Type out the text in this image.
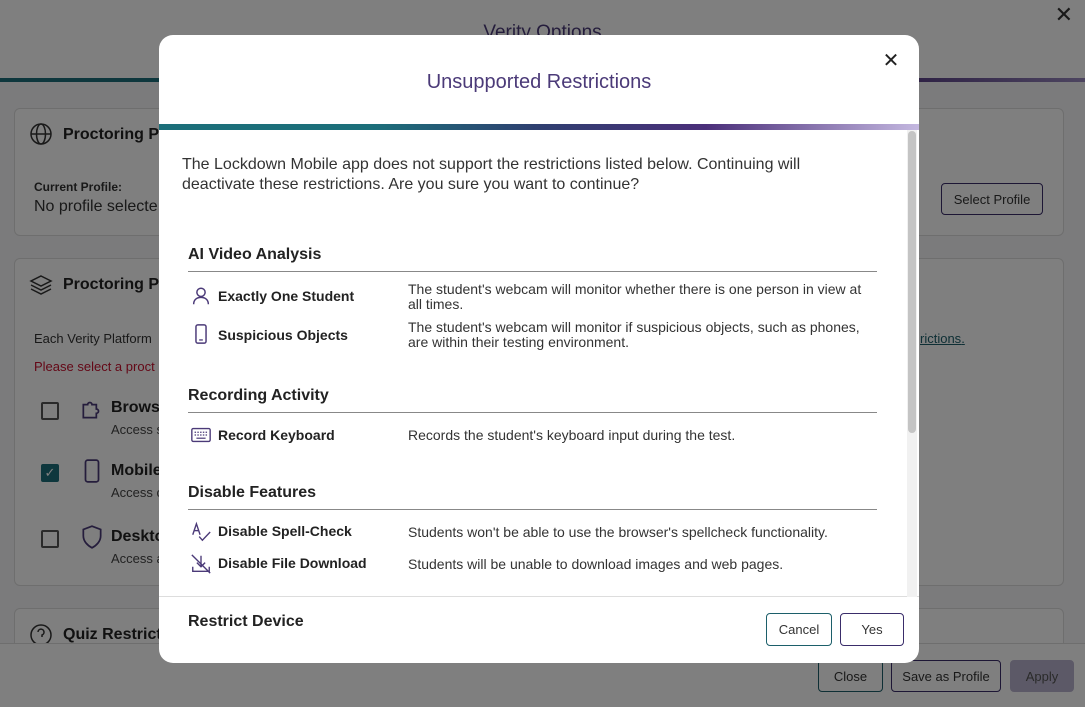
Unsupported Restrictions
✕
The Lockdown Mobile app does not support the restrictions listed below. Continuing will deactivate these restrictions. Are you sure you want to continue?
AI Video Analysis
Exactly One Student	The student's webcam will monitor whether there is one person in view at all times.
Suspicious Objects	The student's webcam will monitor if suspicious objects, such as phones, are within their testing environment.
Recording Activity
Record Keyboard	Records the student's keyboard input during the test.
Disable Features
Disable Spell-Check	Students won't be able to use the browser's spellcheck functionality.
Disable File Download	Students will be unable to download images and web pages.
Restrict Device	Cancel	Yes
